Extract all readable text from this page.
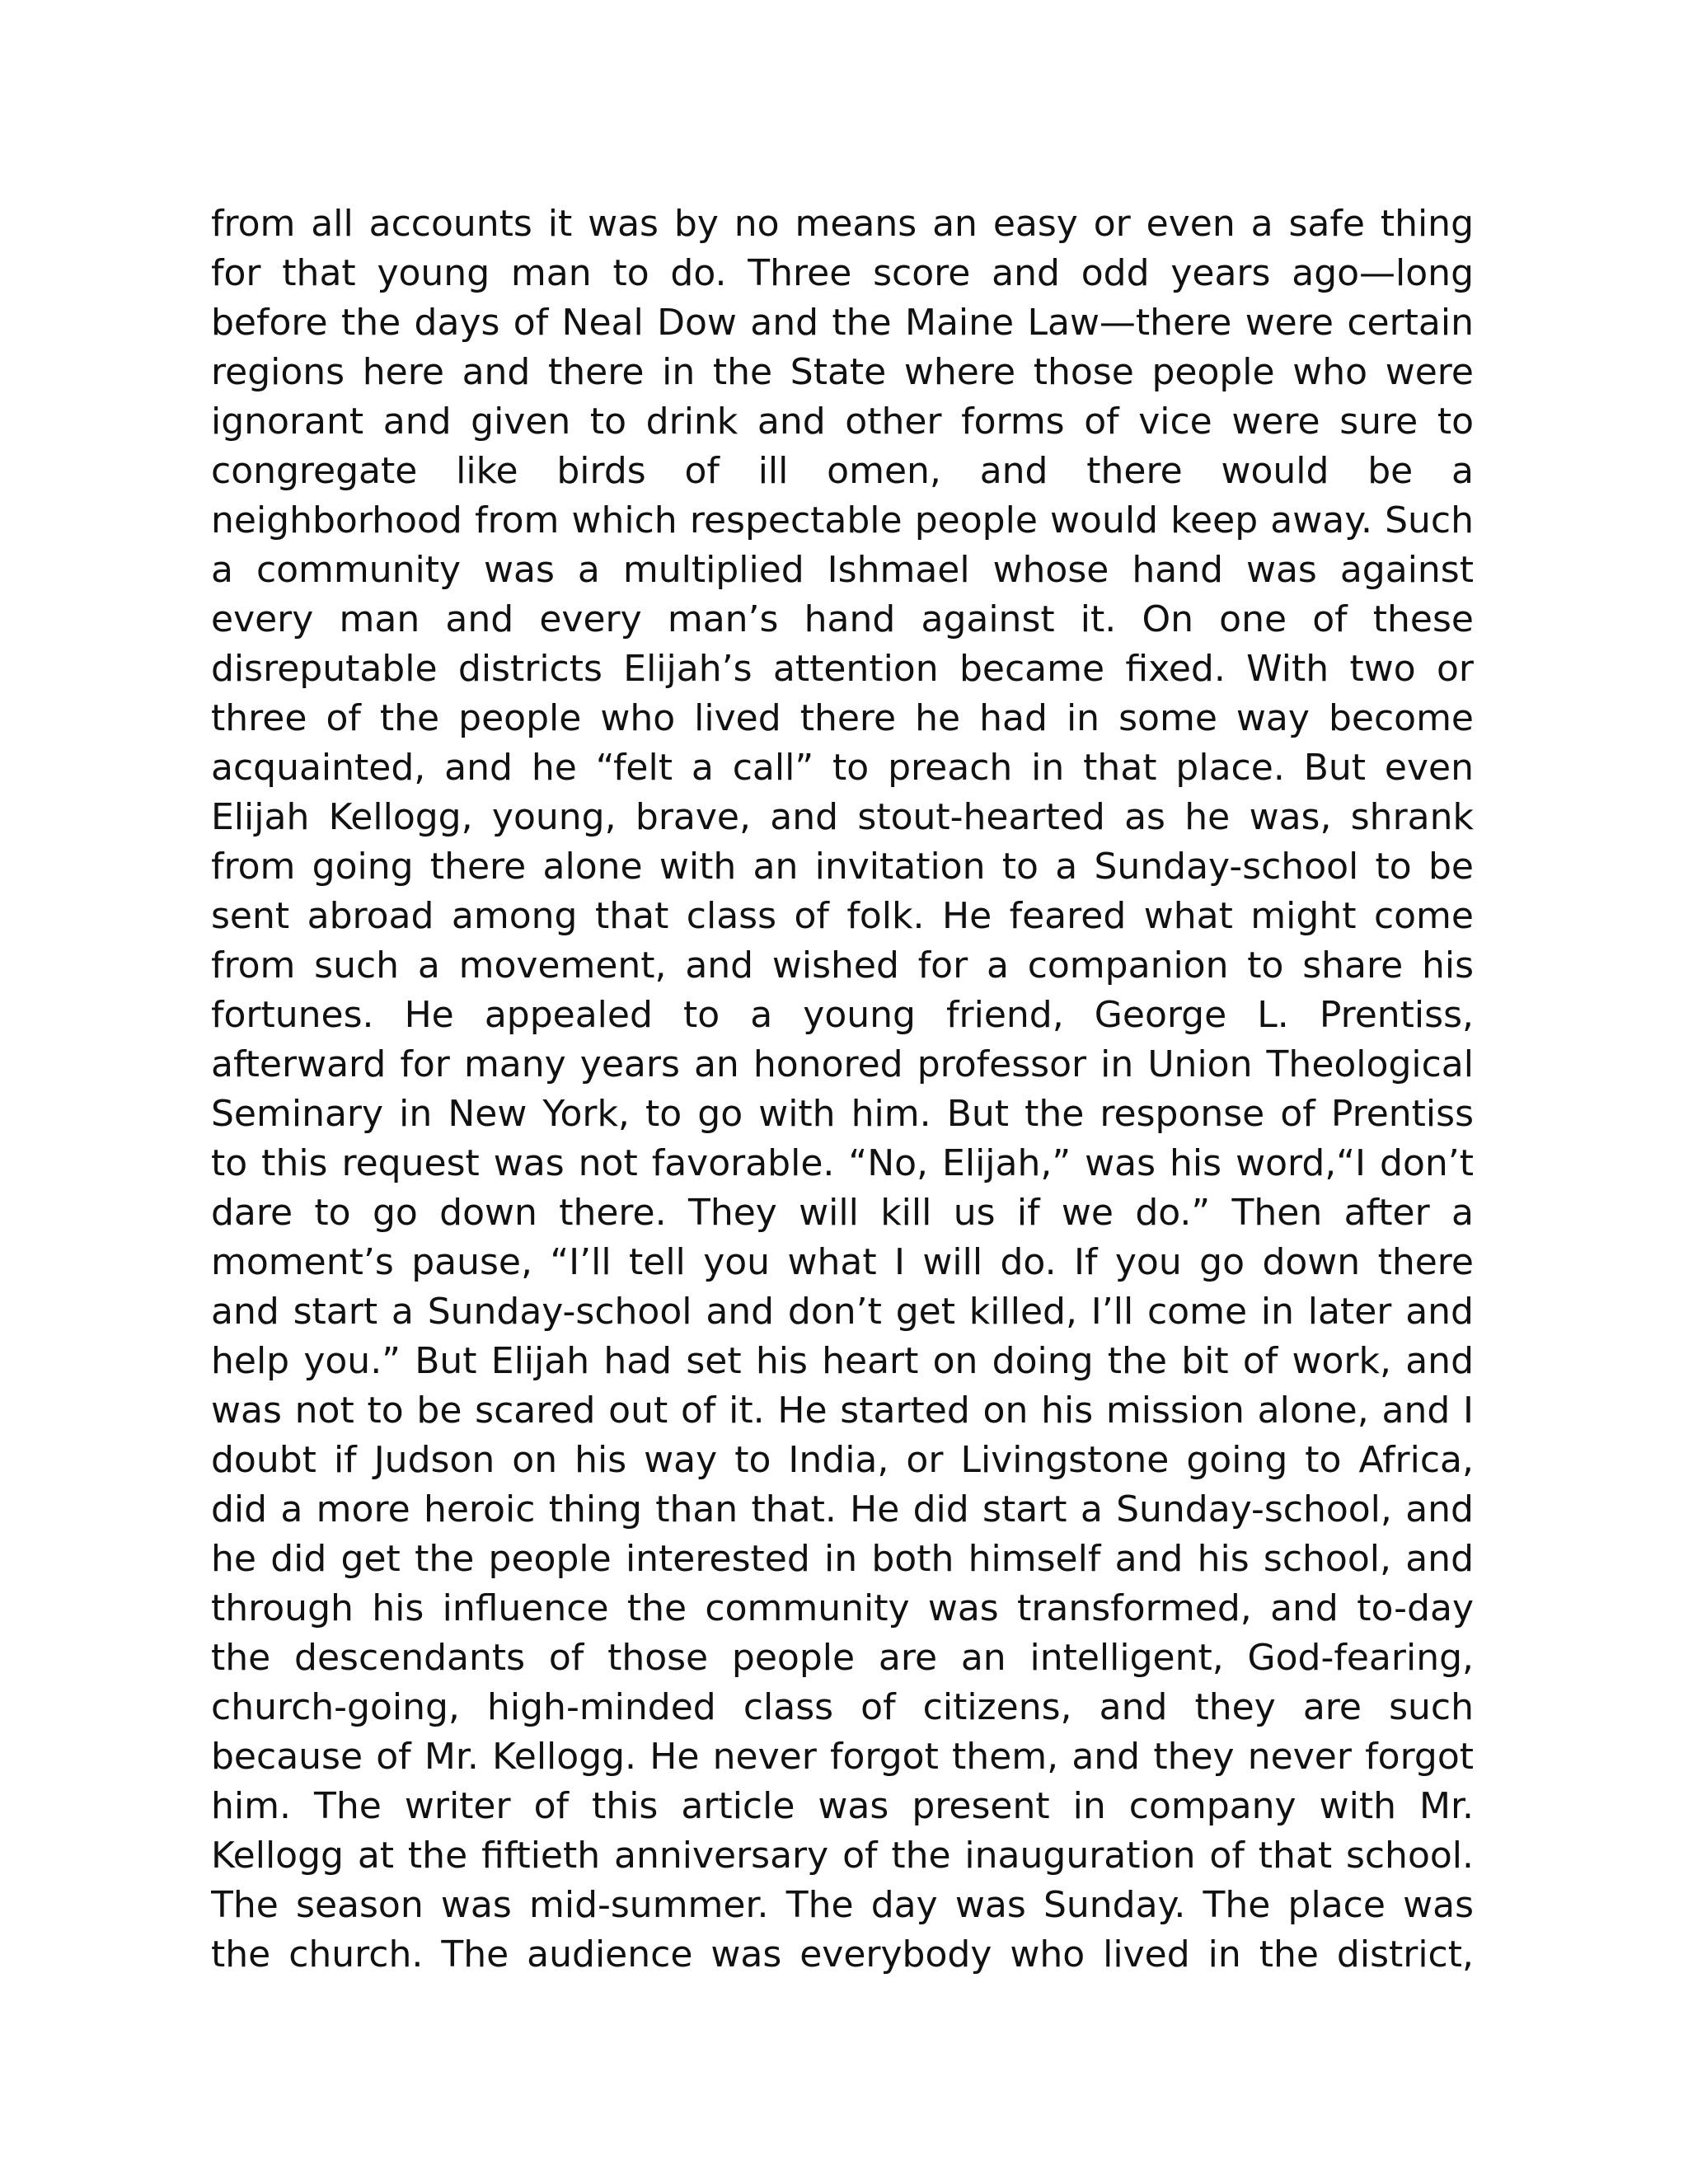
from all accounts it was by no means an easy or even a safe thing
for that young man to do. Three score and odd years ago—long
before the days of Neal Dow and the Maine Law—there were certain
regions here and there in the State where those people who were
ignorant and given to drink and other forms of vice were sure to
congregate like birds of ill omen, and there would be a
neighborhood from which respectable people would keep away. Such
a community was a multiplied Ishmael whose hand was against
every man and every man’s hand against it. On one of these
disreputable districts Elijah’s attention became fixed. With two or
three of the people who lived there he had in some way become
acquainted, and he “felt a call” to preach in that place. But even
Elijah Kellogg, young, brave, and stout-hearted as he was, shrank
from going there alone with an invitation to a Sunday-school to be
sent abroad among that class of folk. He feared what might come
from such a movement, and wished for a companion to share his
fortunes. He appealed to a young friend, George L. Prentiss,
afterward for many years an honored professor in Union Theological
Seminary in New York, to go with him. But the response of Prentiss
to this request was not favorable. “No, Elijah,” was his word,“I don’t
dare to go down there. They will kill us if we do.” Then after a
moment’s pause, “I’ll tell you what I will do. If you go down there
and start a Sunday-school and don’t get killed, I’ll come in later and
help you.” But Elijah had set his heart on doing the bit of work, and
was not to be scared out of it. He started on his mission alone, and I
doubt if Judson on his way to India, or Livingstone going to Africa,
did a more heroic thing than that. He did start a Sunday-school, and
he did get the people interested in both himself and his school, and
through his influence the community was transformed, and to-day
the descendants of those people are an intelligent, God-fearing,
church-going, high-minded class of citizens, and they are such
because of Mr. Kellogg. He never forgot them, and they never forgot
him. The writer of this article was present in company with Mr.
Kellogg at the fiftieth anniversary of the inauguration of that school.
The season was mid-summer. The day was Sunday. The place was
the church. The audience was everybody who lived in the district,
